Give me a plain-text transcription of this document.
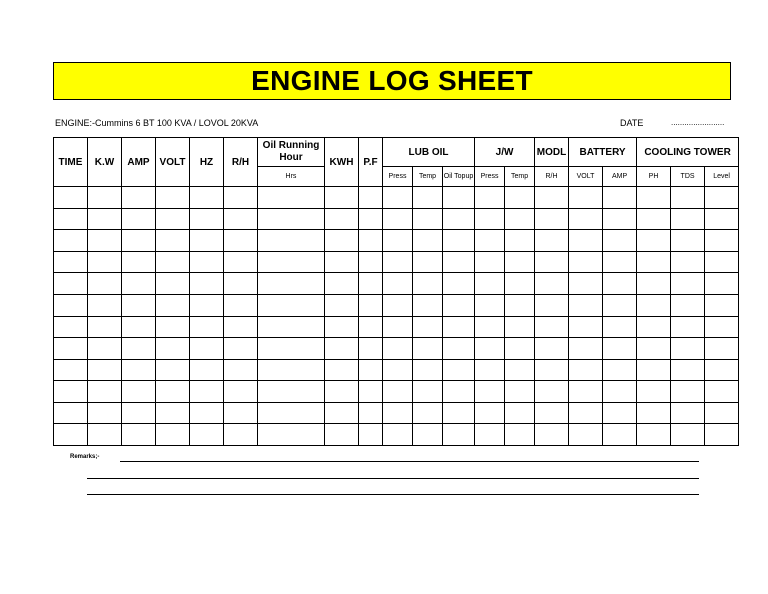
ENGINE LOG SHEET
ENGINE:-Cummins 6 BT 100 KVA / LOVOL 20KVA	DATE	........................
TIME	K.W	AMP	VOLT	HZ	R/H	Oil Running Hour	KWH	P.F	LUB OIL			J/W		MODL	BATTERY		COOLING TOWER		
						Hrs			Press	Temp	Oil Topup	Press	Temp	R/H	VOLT	AMP	PH	TDS	Level

Remarks;-
